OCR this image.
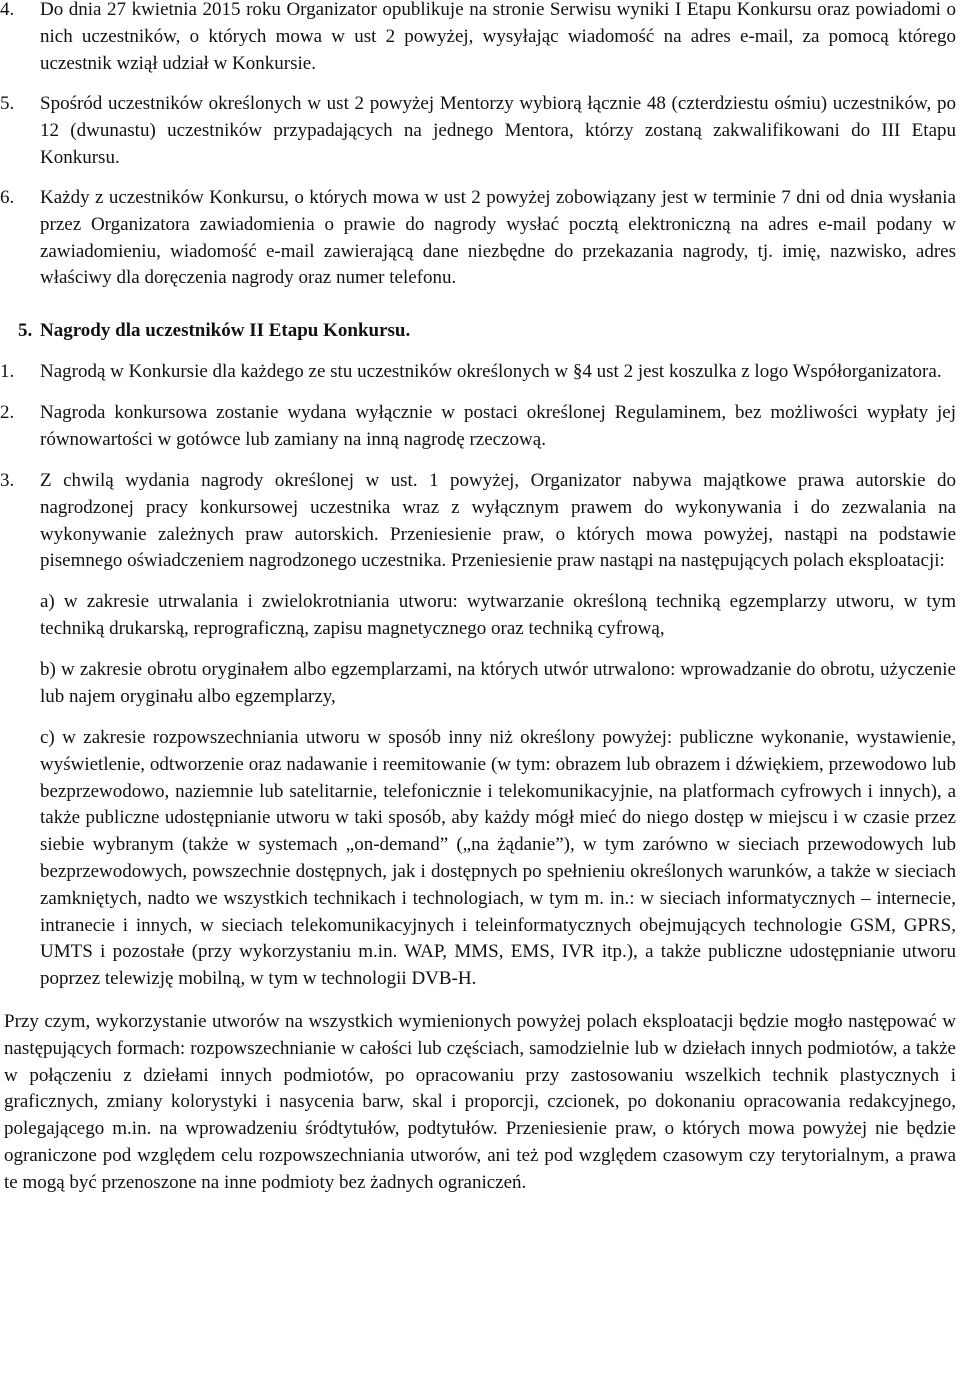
4.	Do dnia 27 kwietnia 2015 roku Organizator opublikuje na stronie Serwisu wyniki I Etapu Konkursu oraz powiadomi o nich uczestników, o których mowa w ust 2 powyżej, wysyłając wiadomość na adres e-mail, za pomocą którego uczestnik wziął udział w Konkursie.
5.	Spośród uczestników określonych w ust 2 powyżej Mentorzy wybiorą łącznie 48 (czterdziestu ośmiu) uczestników, po 12 (dwunastu) uczestników przypadających na jednego Mentora, którzy zostaną zakwalifikowani do III Etapu Konkursu.
6.	Każdy z uczestników Konkursu, o których mowa w ust 2 powyżej zobowiązany jest w terminie 7 dni od dnia wysłania przez Organizatora zawiadomienia o prawie do nagrody wysłać pocztą elektroniczną na adres e-mail podany w zawiadomieniu, wiadomość e-mail zawierającą dane niezbędne do przekazania nagrody, tj. imię, nazwisko, adres właściwy dla doręczenia nagrody oraz numer telefonu.
5. Nagrody dla uczestników II Etapu Konkursu.
1.	Nagrodą w Konkursie dla każdego ze stu uczestników określonych w §4 ust 2 jest koszulka z logo Współorganizatora.
2.	Nagroda konkursowa zostanie wydana wyłącznie w postaci określonej Regulaminem, bez możliwości wypłaty jej równowartości w gotówce lub zamiany na inną nagrodę rzeczową.
3.	Z chwilą wydania nagrody określonej w ust. 1 powyżej, Organizator nabywa majątkowe prawa autorskie do nagrodzonej pracy konkursowej uczestnika wraz z wyłącznym prawem do wykonywania i do zezwalania na wykonywanie zależnych praw autorskich. Przeniesienie praw, o których mowa powyżej, nastąpi na podstawie pisemnego oświadczeniem nagrodzonego uczestnika. Przeniesienie praw nastąpi na następujących polach eksploatacji:
a) w zakresie utrwalania i zwielokrotniania utworu: wytwarzanie określoną techniką egzemplarzy utworu, w tym techniką drukarską, reprograficzną, zapisu magnetycznego oraz techniką cyfrową,
b) w zakresie obrotu oryginałem albo egzemplarzami, na których utwór utrwalono: wprowadzanie do obrotu, użyczenie lub najem oryginału albo egzemplarzy,
c) w zakresie rozpowszechniania utworu w sposób inny niż określony powyżej: publiczne wykonanie, wystawienie, wyświetlenie, odtworzenie oraz nadawanie i reemitowanie (w tym: obrazem lub obrazem i dźwiękiem, przewodowo lub bezprzewodowo, naziemnie lub satelitarnie, telefonicznie i telekomunikacyjnie, na platformach cyfrowych i innych), a także publiczne udostępnianie utworu w taki sposób, aby każdy mógł mieć do niego dostęp w miejscu i w czasie przez siebie wybranym (także w systemach „on-demand” („na żądanie”), w tym zarówno w sieciach przewodowych lub bezprzewodowych, powszechnie dostępnych, jak i dostępnych po spełnieniu określonych warunków, a także w sieciach zamkniętych, nadto we wszystkich technikach i technologiach, w tym m. in.: w sieciach informatycznych – internecie, intranecie i innych, w sieciach telekomunikacyjnych i teleinformatycznych obejmujących technologie GSM, GPRS, UMTS i pozostałe (przy wykorzystaniu m.in. WAP, MMS, EMS, IVR itp.), a także publiczne udostępnianie utworu poprzez telewizję mobilną, w tym w technologii DVB-H.
Przy czym, wykorzystanie utworów na wszystkich wymienionych powyżej polach eksploatacji będzie mogło następować w następujących formach: rozpowszechnianie w całości lub częściach, samodzielnie lub w dziełach innych podmiotów, a także w połączeniu z dziełami innych podmiotów, po opracowaniu przy zastosowaniu wszelkich technik plastycznych i graficznych, zmiany kolorystyki i nasycenia barw, skal i proporcji, czcionek, po dokonaniu opracowania redakcyjnego, polegającego m.in. na wprowadzeniu śródtytułów, podtytułów. Przeniesienie praw, o których mowa powyżej nie będzie ograniczone pod względem celu rozpowszechniania utworów, ani też pod względem czasowym czy terytorialnym, a prawa te mogą być przenoszone na inne podmioty bez żadnych ograniczeń.
